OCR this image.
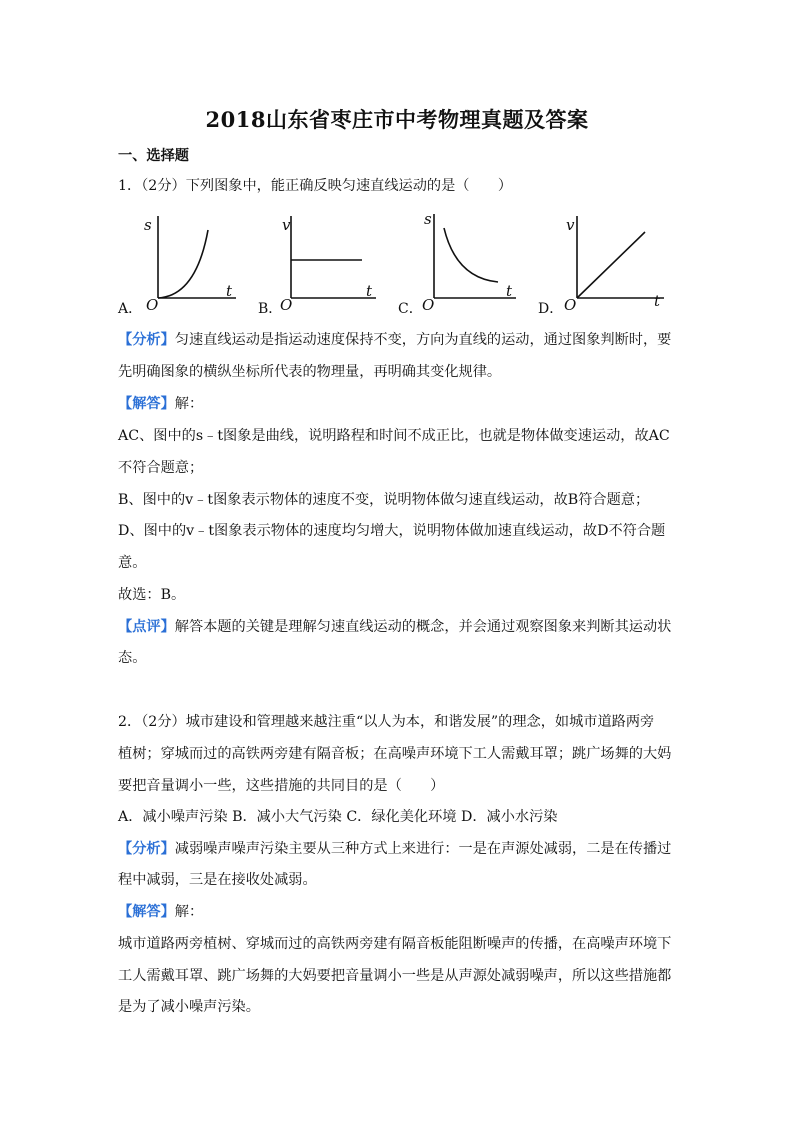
2018山东省枣庄市中考物理真题及答案
一、选择题
1．（2分）下列图象中，能正确反映匀速直线运动的是（　　）
A．
s
t
O	B．
v
t
O	C．
s
t
O	D．
v
t
O
【分析】匀速直线运动是指运动速度保持不变，方向为直线的运动，通过图象判断时，要
先明确图象的横纵坐标所代表的物理量，再明确其变化规律。
【解答】解：
AC、图中的s﹣t图象是曲线，说明路程和时间不成正比，也就是物体做变速运动，故AC
不符合题意；
B、图中的v﹣t图象表示物体的速度不变，说明物体做匀速直线运动，故B符合题意；
D、图中的v﹣t图象表示物体的速度均匀增大，说明物体做加速直线运动，故D不符合题
意。
故选：B。
【点评】解答本题的关键是理解匀速直线运动的概念，并会通过观察图象来判断其运动状
态。
2．（2分）城市建设和管理越来越注重“以人为本，和谐发展”的理念，如城市道路两旁
植树；穿城而过的高铁两旁建有隔音板；在高噪声环境下工人需戴耳罩；跳广场舞的大妈
要把音量调小一些，这些措施的共同目的是（　　）
A．减小噪声污染 B．减小大气污染 C．绿化美化环境 D．减小水污染
【分析】减弱噪声噪声污染主要从三种方式上来进行：一是在声源处减弱，二是在传播过
程中减弱，三是在接收处减弱。
【解答】解：
城市道路两旁植树、穿城而过的高铁两旁建有隔音板能阻断噪声的传播，在高噪声环境下
工人需戴耳罩、跳广场舞的大妈要把音量调小一些是从声源处减弱噪声，所以这些措施都
是为了减小噪声污染。
